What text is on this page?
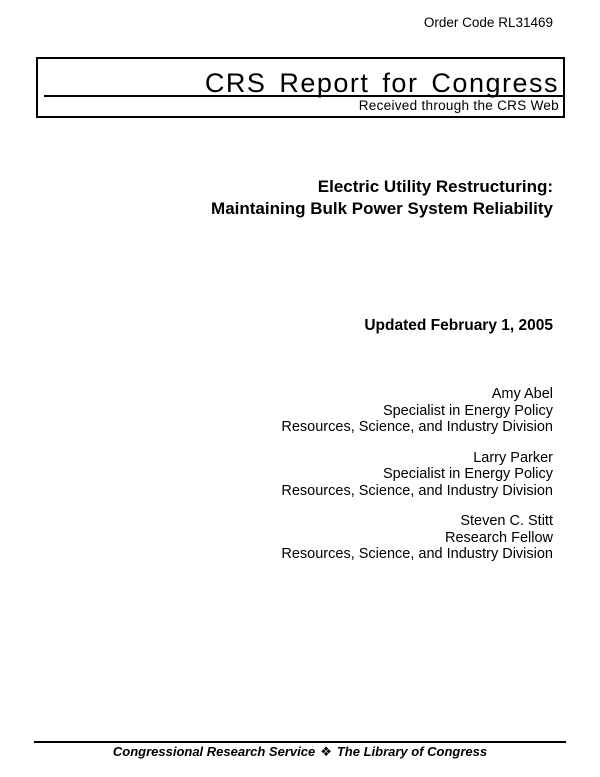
Order Code RL31469
CRS Report for Congress
Received through the CRS Web
Electric Utility Restructuring:
Maintaining Bulk Power System Reliability
Updated February 1, 2005
Amy Abel
Specialist in Energy Policy
Resources, Science, and Industry Division
Larry Parker
Specialist in Energy Policy
Resources, Science, and Industry Division
Steven C. Stitt
Research Fellow
Resources, Science, and Industry Division
Congressional Research Service ❖ The Library of Congress
